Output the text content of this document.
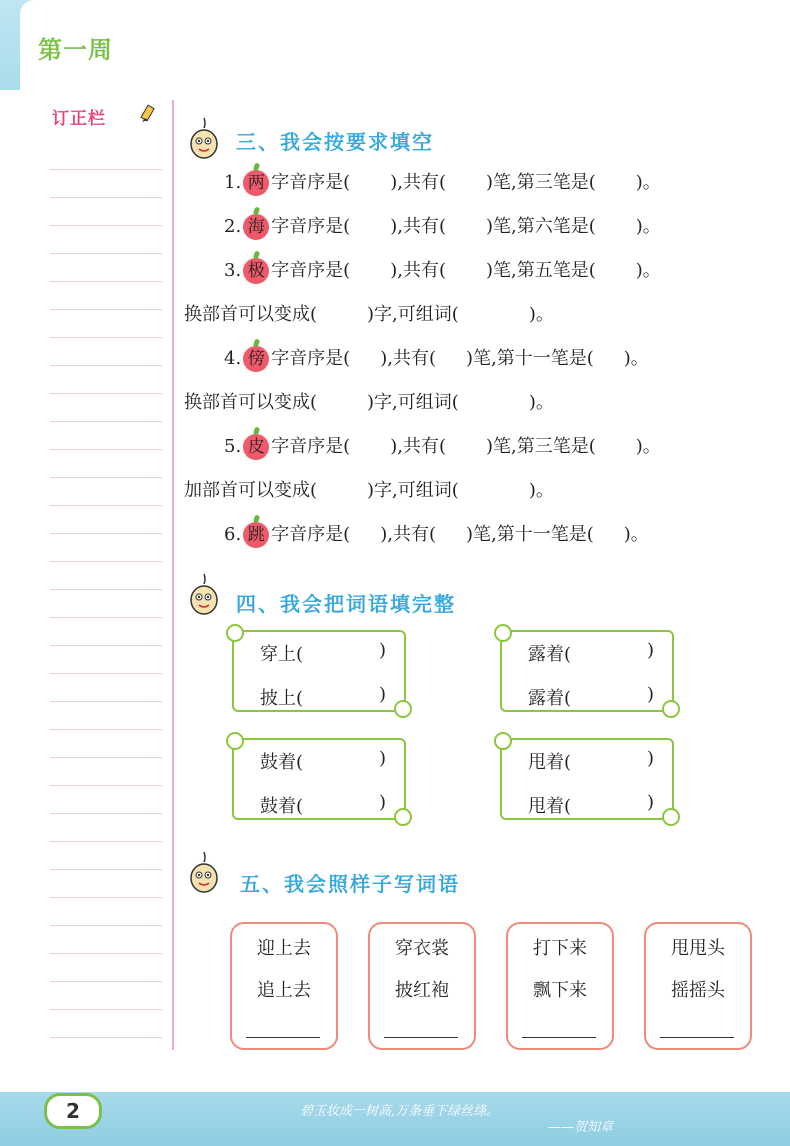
第一周
订正栏
三、我会按要求填空
1. 两 字音序是( ),共有( )笔,第三笔是( )。
2. 海 字音序是( ),共有( )笔,第六笔是( )。
3. 极 字音序是( ),共有( )笔,第五笔是( )。
换部首可以变成(	)字,可组词(	)。
4. 傍 字音序是( ),共有( )笔,第十一笔是( )。
换部首可以变成(	)字,可组词(	)。
5. 皮 字音序是( ),共有( )笔,第三笔是( )。
加部首可以变成(	)字,可组词(	)。
6. 跳 字音序是( ),共有( )笔,第十一笔是( )。
四、我会把词语填完整
穿上(	)
披上(	)
露着(	)
露着(	)
鼓着(	)
鼓着(	)
甩着(	)
甩着(	)
五、我会照样子写词语
迎上去
追上去
穿衣裳
披红袍
打下来
飘下来
甩甩头
摇摇头
2	碧玉妆成一树高,万条垂下绿丝绦。
——贺知章
